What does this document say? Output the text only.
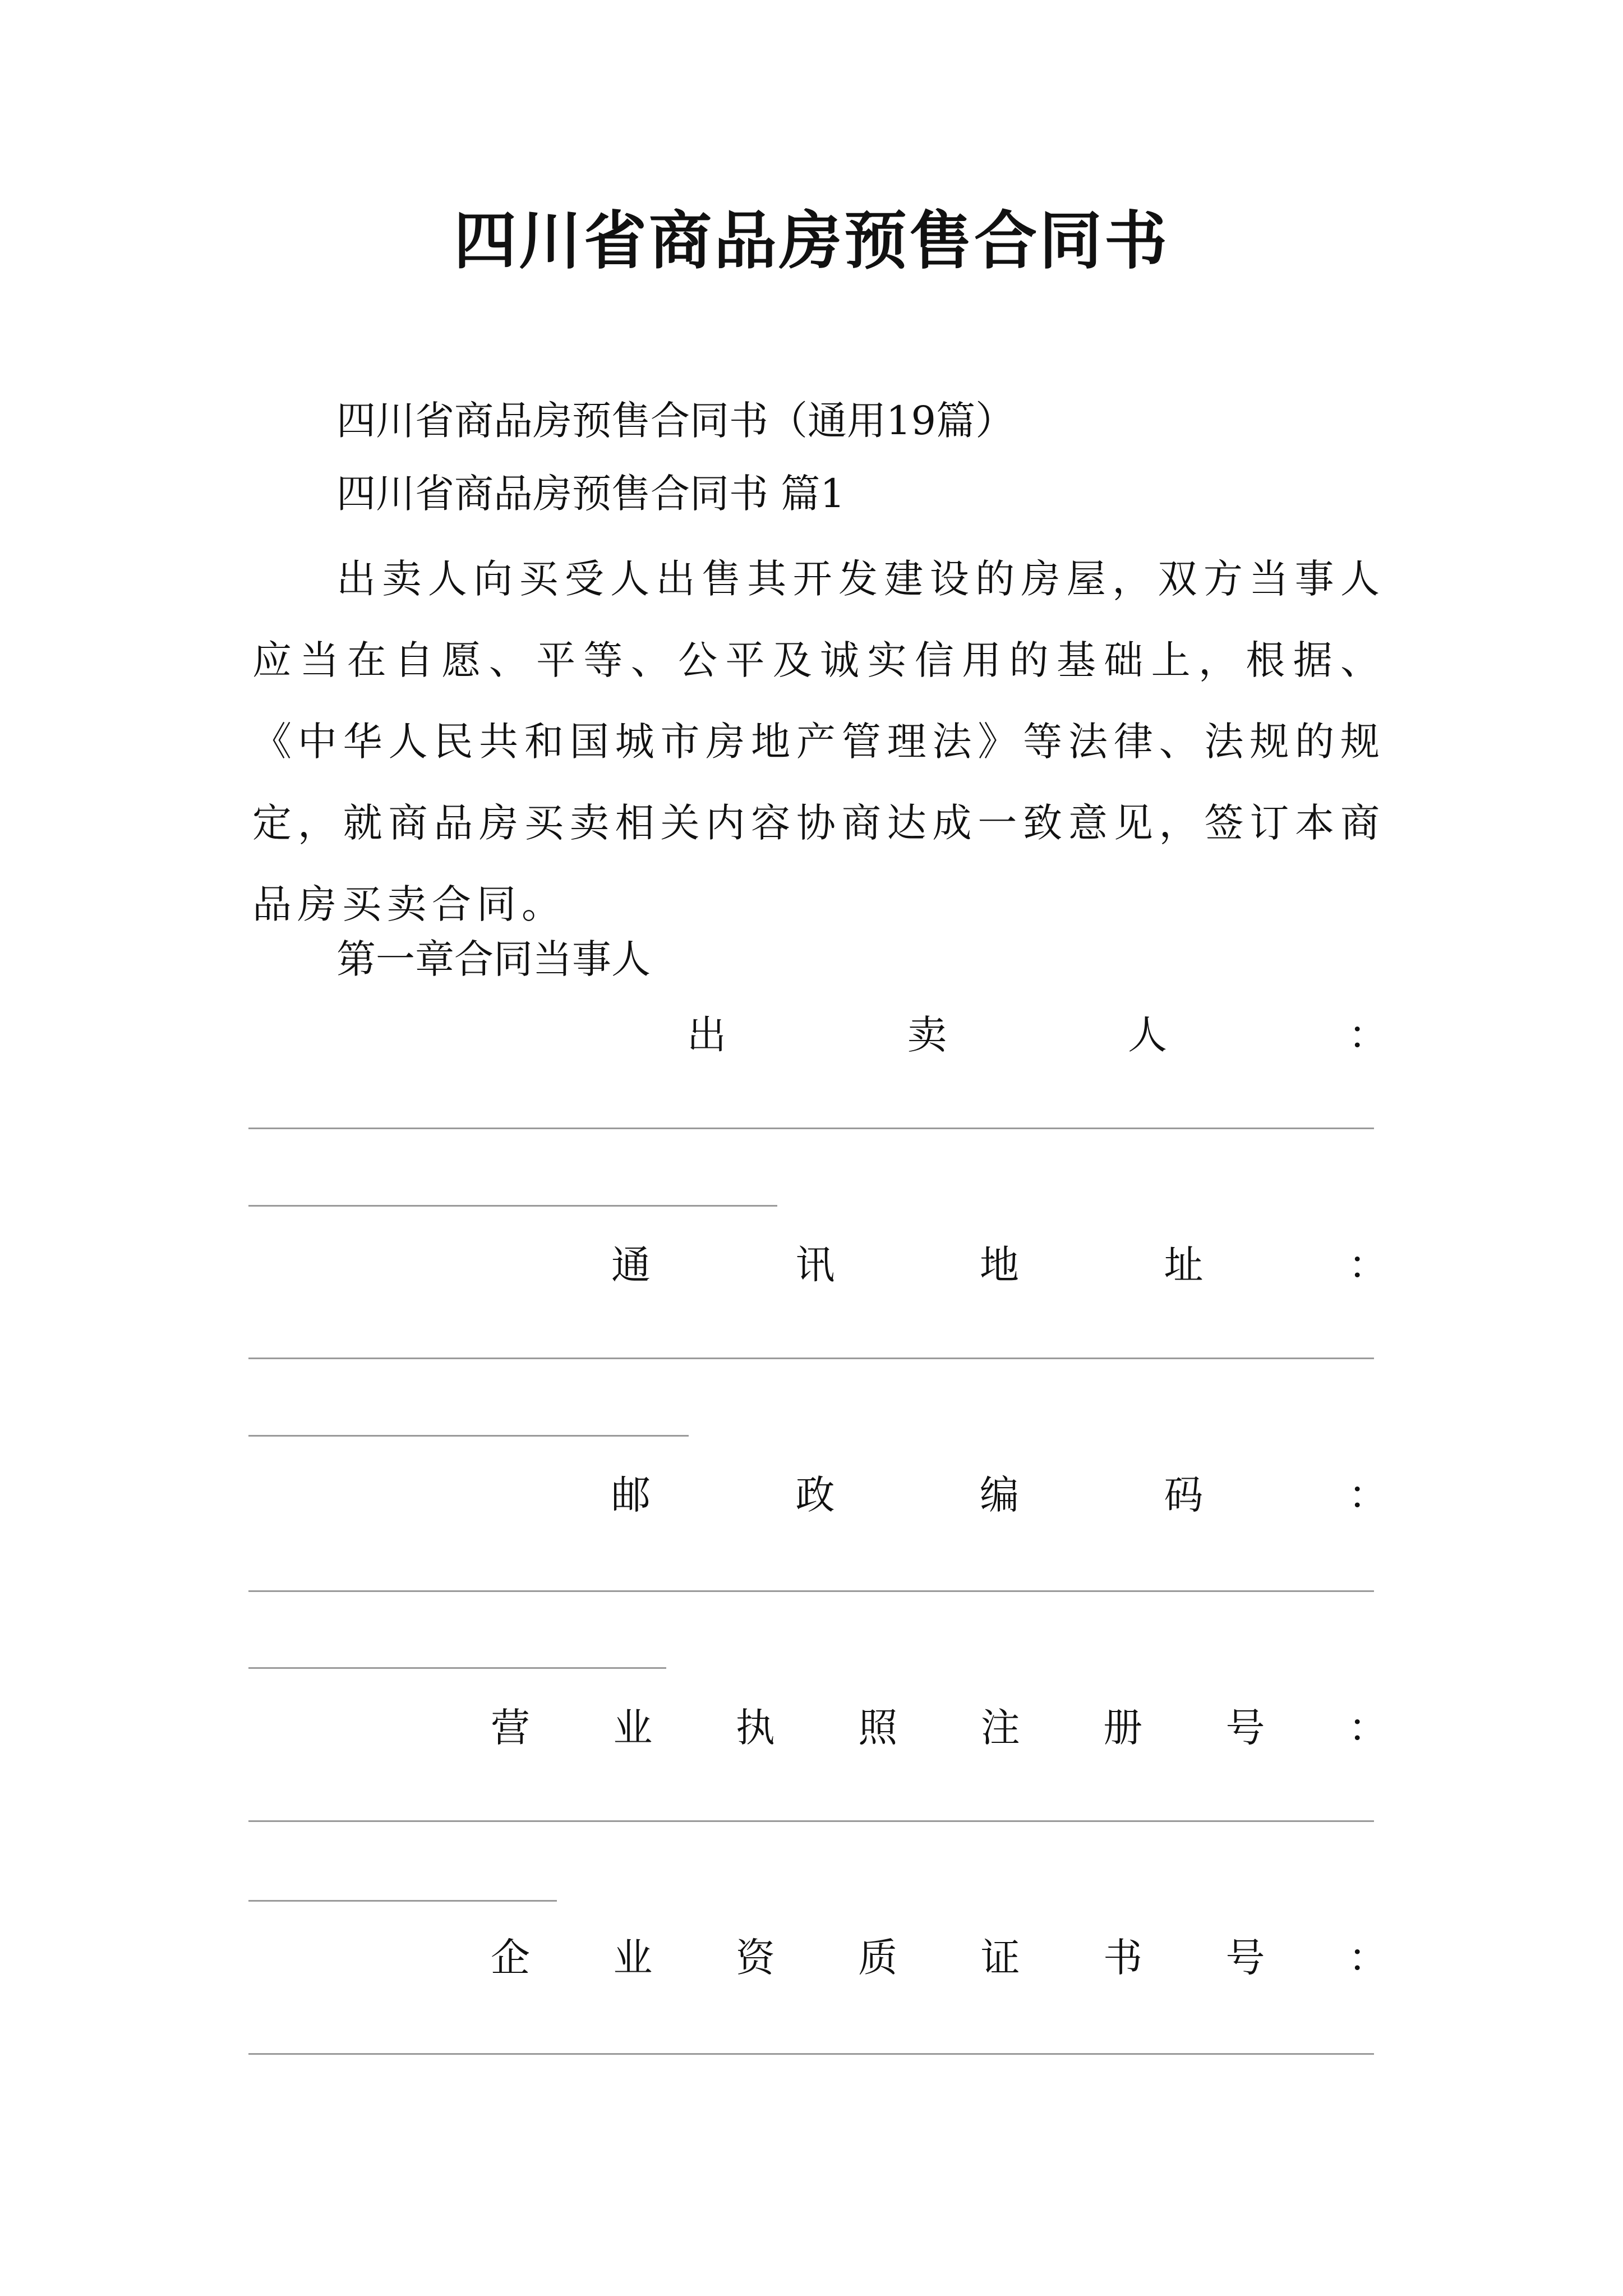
四川省商品房预售合同书
四川省商品房预售合同书（通用19篇）
四川省商品房预售合同书 篇1

出卖人向买受人出售其开发建设的房屋，双方当事人应当在自愿、平等、公平及诚实信用的基础上，根据、《中华人民共和国城市房地产管理法》等法律、法规的规定，就商品房买卖相关内容协商达成一致意见，签订本商品房买卖合同。

第一章合同当事人
出	卖	人	：
通	讯	地	址	：
邮	政	编	码	：
营 业 执 照 注 册 号 ：
企 业 资 质 证 书 号 ：
